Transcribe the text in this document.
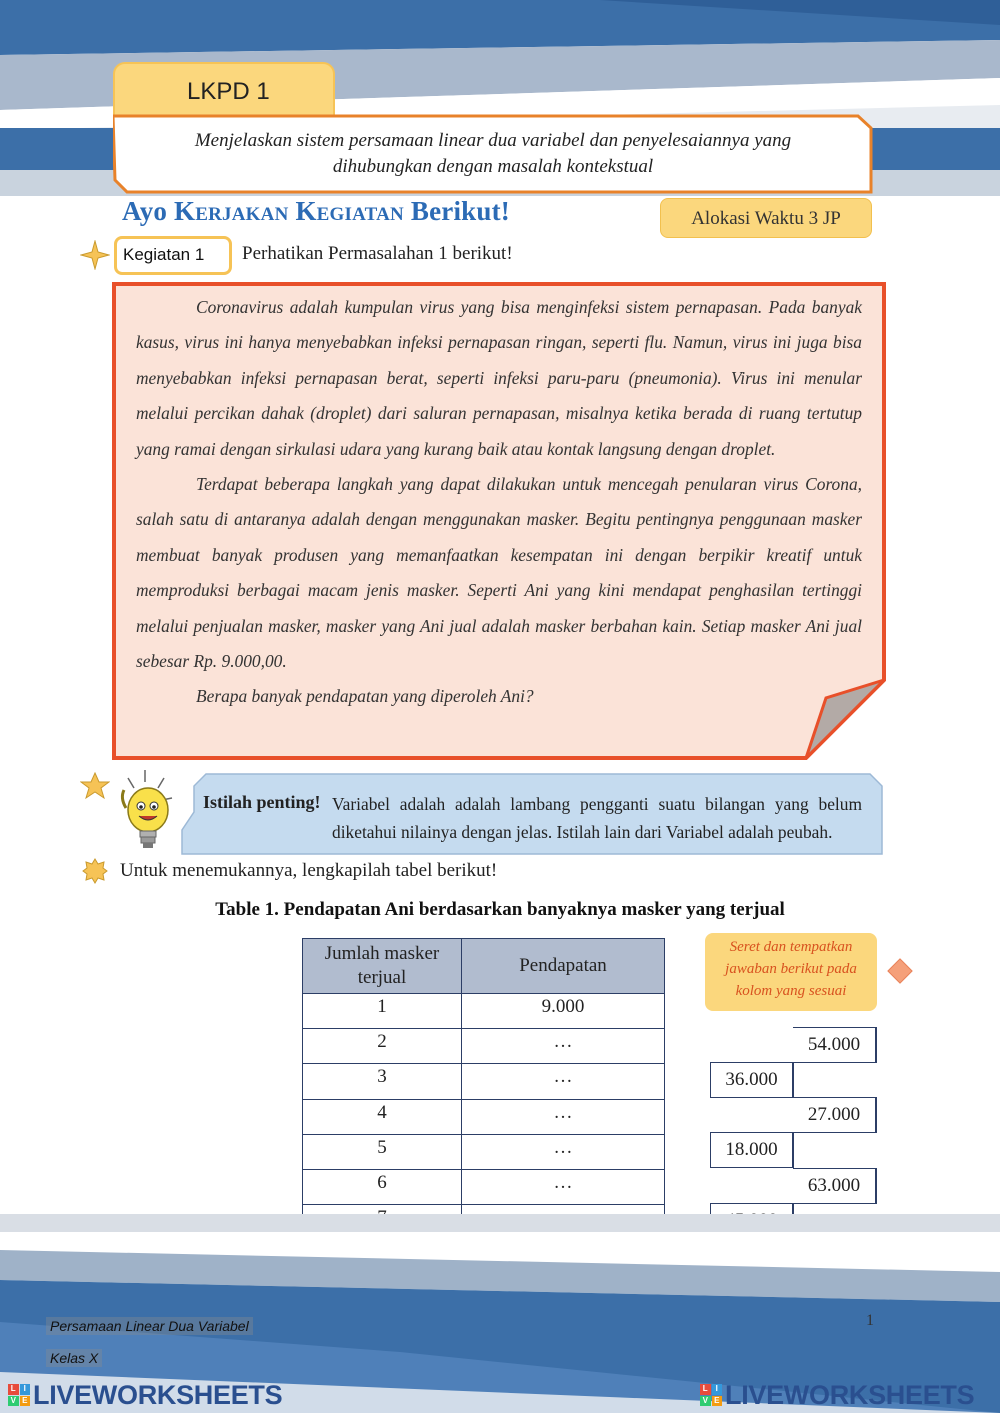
LKPD 1
Menjelaskan sistem persamaan linear dua variabel dan penyelesaiannya yang dihubungkan dengan masalah kontekstual
Ayo Kerjakan Kegiatan Berikut!	Alokasi Waktu 3 JP
Kegiatan 1	Perhatikan Permasalahan 1 berikut!

Coronavirus adalah kumpulan virus yang bisa menginfeksi sistem pernapasan. Pada banyak kasus, virus ini hanya menyebabkan infeksi pernapasan ringan, seperti flu. Namun, virus ini juga bisa menyebabkan infeksi pernapasan berat, seperti infeksi paru-paru (pneumonia). Virus ini menular melalui percikan dahak (droplet) dari saluran pernapasan, misalnya ketika berada di ruang tertutup yang ramai dengan sirkulasi udara yang kurang baik atau kontak langsung dengan droplet.

Terdapat beberapa langkah yang dapat dilakukan untuk mencegah penularan virus Corona, salah satu di antaranya adalah dengan menggunakan masker. Begitu pentingnya penggunaan masker membuat banyak produsen yang memanfaatkan kesempatan ini dengan berpikir kreatif untuk memproduksi berbagai macam jenis masker. Seperti Ani yang kini mendapat penghasilan tertinggi melalui penjualan masker, masker yang Ani jual adalah masker berbahan kain. Setiap masker Ani jual sebesar Rp. 9.000,00.

Berapa banyak pendapatan yang diperoleh Ani?

Istilah penting! Variabel adalah adalah lambang pengganti suatu bilangan yang belum diketahui nilainya dengan jelas. Istilah lain dari Variabel adalah peubah.
Untuk menemukannya, lengkapilah tabel berikut!
Table 1. Pendapatan Ani berdasarkan banyaknya masker yang terjual
Jumlah masker terjual	Pendapatan
1	9.000
2	…
3	…
4	…
5	…
6	…

Seret dan tempatkan jawaban berikut pada kolom yang sesuai
54.000
36.000
27.000
18.000
63.000
Persamaan Linear Dua Variabel
Kelas X
1
L I
V E LIVEWORKSHEETS	L I
V E LIVEWORKSHEETS
